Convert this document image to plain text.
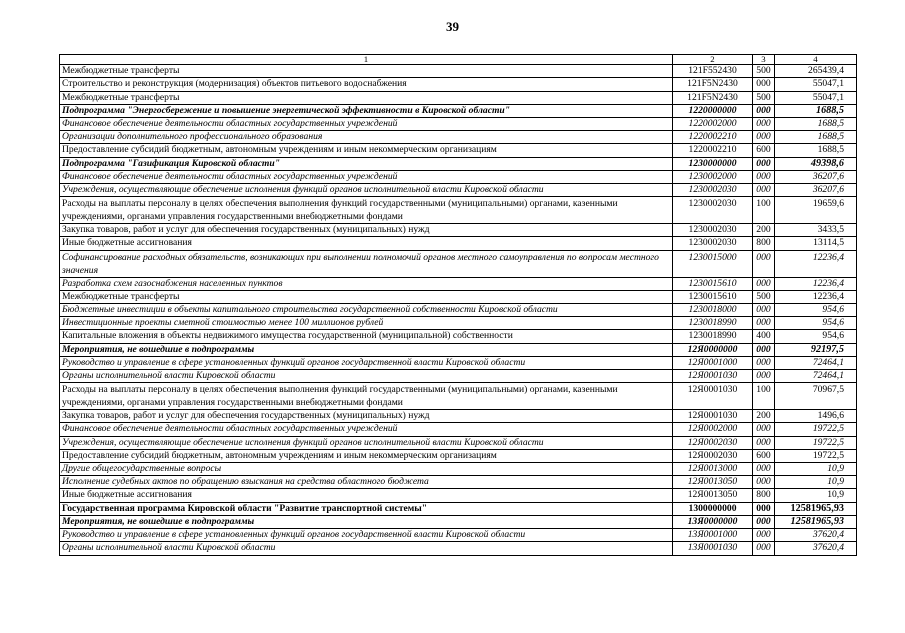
39
1	2	3	4
Межбюджетные трансферты	121F552430	500	265439,4
Строительство и реконструкция (модернизация) объектов питьевого водоснабжения	121F5N2430	000	55047,1
Межбюджетные трансферты	121F5N2430	500	55047,1
Подпрограмма "Энергосбережение и повышение энергетической эффективности в Кировской области"	1220000000	000	1688,5
Финансовое обеспечение деятельности областных государственных учреждений	1220002000	000	1688,5
Организации дополнительного профессионального образования	1220002210	000	1688,5
Предоставление субсидий бюджетным, автономным учреждениям и иным некоммерческим организациям	1220002210	600	1688,5
Подпрограмма "Газификация Кировской области"	1230000000	000	49398,6
Финансовое обеспечение деятельности областных государственных учреждений	1230002000	000	36207,6
Учреждения, осуществляющие обеспечение исполнения функций органов исполнительной власти Кировской области	1230002030	000	36207,6
Расходы на выплаты персоналу в целях обеспечения выполнения функций государственными (муниципальными) органами, казенными учреждениями, органами управления государственными внебюджетными фондами	1230002030	100	19659,6
Закупка товаров, работ и услуг для обеспечения государственных (муниципальных) нужд	1230002030	200	3433,5
Иные бюджетные ассигнования	1230002030	800	13114,5
Софинансирование расходных обязательств, возникающих при выполнении полномочий органов местного самоуправления по вопросам местного значения	1230015000	000	12236,4
Разработка схем газоснабжения населенных пунктов	1230015610	000	12236,4
Межбюджетные трансферты	1230015610	500	12236,4
Бюджетные инвестиции в объекты капитального строительства государственной собственности Кировской области	1230018000	000	954,6
Инвестиционные проекты сметной стоимостью менее 100 миллионов рублей	1230018990	000	954,6
Капитальные вложения в объекты недвижимого имущества государственной (муниципальной) собственности	1230018990	400	954,6
Мероприятия, не вошедшие в подпрограммы	12Я0000000	000	92197,5
Руководство и управление в сфере установленных функций органов государственной власти Кировской области	12Я0001000	000	72464,1
Органы исполнительной власти Кировской области	12Я0001030	000	72464,1
Расходы на выплаты персоналу в целях обеспечения выполнения функций государственными (муниципальными) органами, казенными учреждениями, органами управления государственными внебюджетными фондами	12Я0001030	100	70967,5
Закупка товаров, работ и услуг для обеспечения государственных (муниципальных) нужд	12Я0001030	200	1496,6
Финансовое обеспечение деятельности областных государственных учреждений	12Я0002000	000	19722,5
Учреждения, осуществляющие обеспечение исполнения функций органов исполнительной власти Кировской области	12Я0002030	000	19722,5
Предоставление субсидий бюджетным, автономным учреждениям и иным некоммерческим организациям	12Я0002030	600	19722,5
Другие общегосударственные вопросы	12Я0013000	000	10,9
Исполнение судебных актов по обращению взыскания на средства областного бюджета	12Я0013050	000	10,9
Иные бюджетные ассигнования	12Я0013050	800	10,9
Государственная программа Кировской области "Развитие транспортной системы"	1300000000	000	12581965,93
Мероприятия, не вошедшие в подпрограммы	13Я0000000	000	12581965,93
Руководство и управление в сфере установленных функций органов государственной власти Кировской области	13Я0001000	000	37620,4
Органы исполнительной власти Кировской области	13Я0001030	000	37620,4
